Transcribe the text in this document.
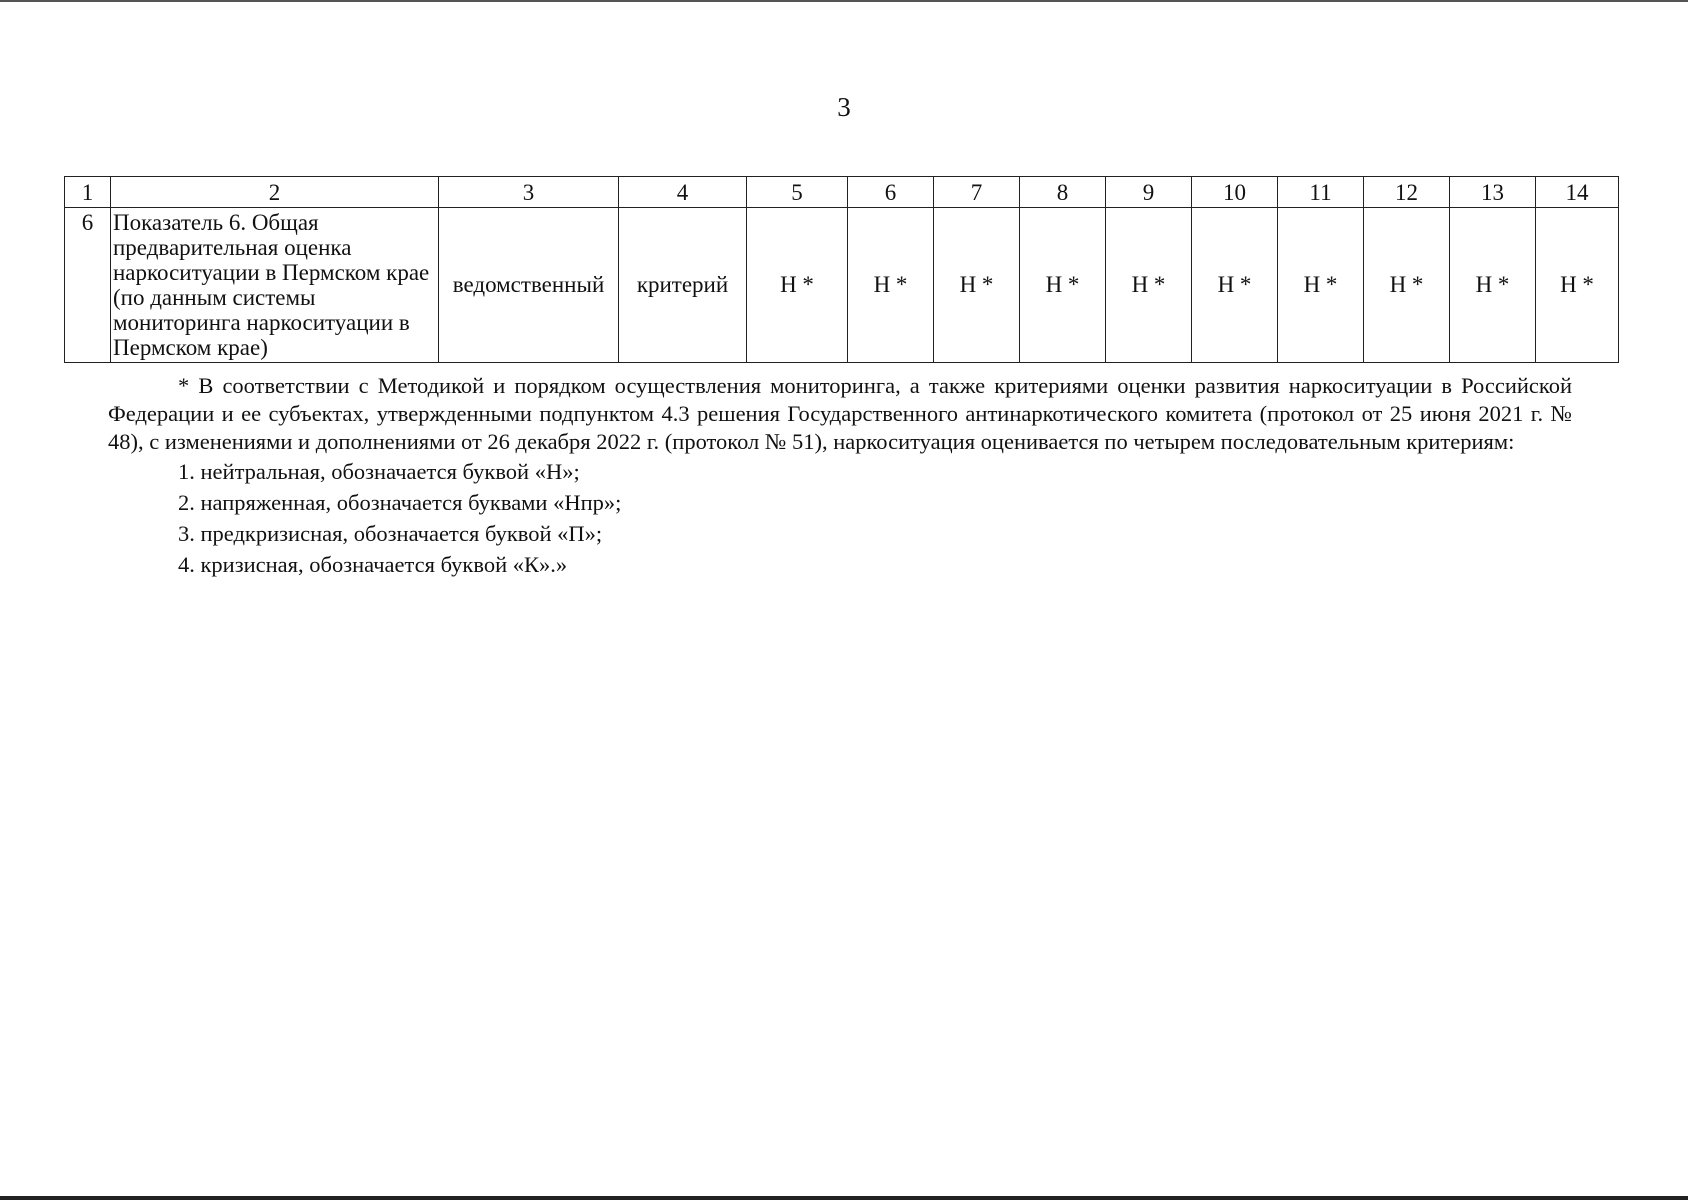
3
1	2	3	4	5	6	7	8	9	10	11	12	13	14
6	Показатель 6. Общая предварительная оценка наркоситуации в Пермском крае (по данным системы мониторинга наркоситуации в Пермском крае)	ведомственный	критерий	Н *	Н *	Н *	Н *	Н *	Н *	Н *	Н *	Н *	Н *

* В соответствии с Методикой и порядком осуществления мониторинга, а также критериями оценки развития наркоситуации в Российской Федерации и ее субъектах, утвержденными подпунктом 4.3 решения Государственного антинаркотического комитета (протокол от 25 июня 2021 г. № 48), с изменениями и дополнениями от 26 декабря 2022 г. (протокол № 51), наркоситуация оценивается по четырем последовательным критериям:

1. нейтральная, обозначается буквой «Н»;
2. напряженная, обозначается буквами «Нпр»;
3. предкризисная, обозначается буквой «П»;
4. кризисная, обозначается буквой «К».»
